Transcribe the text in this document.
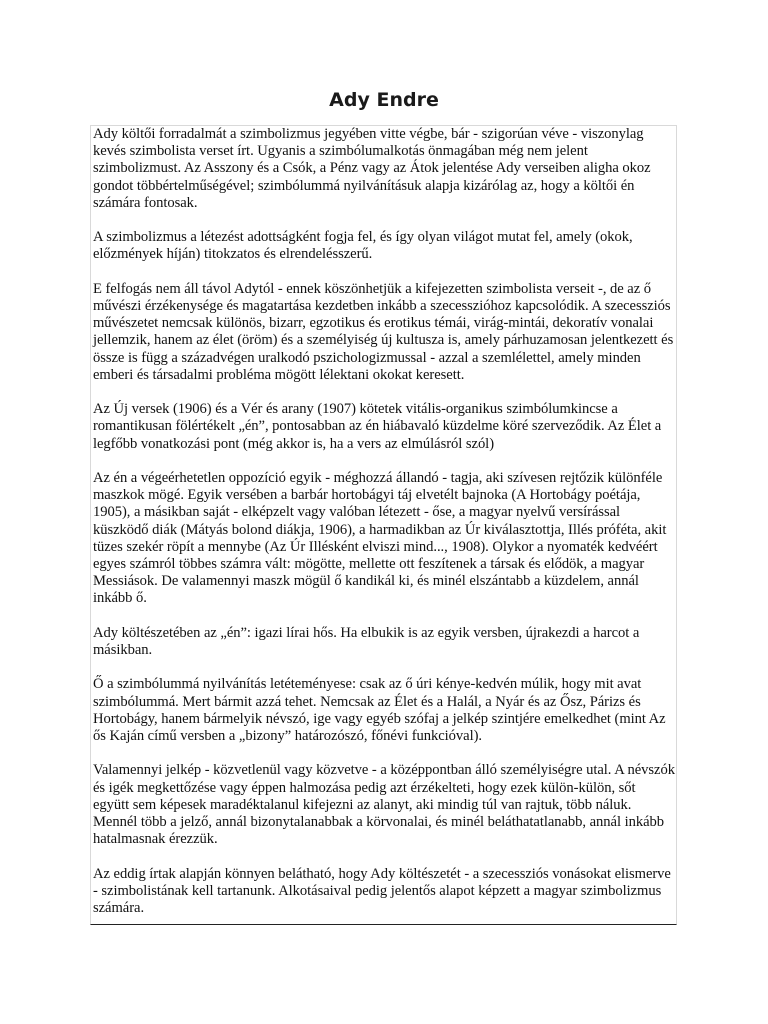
Ady Endre

Ady költői forradalmát a szimbolizmus jegyében vitte végbe, bár - szigorúan véve - viszonylag kevés szimbolista verset írt. Ugyanis a szimbólumalkotás önmagában még nem jelent szimbolizmust. Az Asszony és a Csók, a Pénz vagy az Átok jelentése Ady verseiben aligha okoz gondot többértelműségével; szimbólummá nyilvánításuk alapja kizárólag az, hogy a költői én számára fontosak.

A szimbolizmus a létezést adottságként fogja fel, és így olyan világot mutat fel, amely (okok, előzmények híján) titokzatos és elrendelésszerű.

E felfogás nem áll távol Adytól - ennek köszönhetjük a kifejezetten szimbolista verseit -, de az ő művészi érzékenysége és magatartása kezdetben inkább a szecesszióhoz kapcsolódik. A szecessziós művészetet nemcsak különös, bizarr, egzotikus és erotikus témái, virág-mintái, dekoratív vonalai jellemzik, hanem az élet (öröm) és a személyiség új kultusza is, amely párhuzamosan jelentkezett és össze is függ a századvégen uralkodó pszichologizmussal - azzal a szemlélettel, amely minden emberi és társadalmi probléma mögött lélektani okokat keresett.

Az Új versek (1906) és a Vér és arany (1907) kötetek vitális-organikus szimbólumkincse a romantikusan fölértékelt „én”, pontosabban az én hiábavaló küzdelme köré szerveződik. Az Élet a legfőbb vonatkozási pont (még akkor is, ha a vers az elmúlásról szól)

Az én a végeérhetetlen oppozíció egyik - méghozzá állandó - tagja, aki szívesen rejtőzik különféle maszkok mögé. Egyik versében a barbár hortobágyi táj elvetélt bajnoka (A Hortobágy poétája, 1905), a másikban saját - elképzelt vagy valóban létezett - őse, a magyar nyelvű versírással küszködő diák (Mátyás bolond diákja, 1906), a harmadikban az Úr kiválasztottja, Illés próféta, akit tüzes szekér röpít a mennybe (Az Úr Illésként elviszi mind..., 1908). Olykor a nyomaték kedvéért egyes számról többes számra vált: mögötte, mellette ott feszítenek a társak és elődök, a magyar Messiások. De valamennyi maszk mögül ő kandikál ki, és minél elszántabb a küzdelem, annál inkább ő.

Ady költészetében az „én”: igazi lírai hős. Ha elbukik is az egyik versben, újrakezdi a harcot a másikban.

Ő a szimbólummá nyilvánítás letéteményese: csak az ő úri kénye-kedvén múlik, hogy mit avat szimbólummá. Mert bármit azzá tehet. Nemcsak az Élet és a Halál, a Nyár és az Ősz, Párizs és Hortobágy, hanem bármelyik névszó, ige vagy egyéb szófaj a jelkép szintjére emelkedhet (mint Az ős Kaján című versben a „bizony” határozószó, főnévi funkcióval).

Valamennyi jelkép - közvetlenül vagy közvetve - a középpontban álló személyiségre utal. A névszók és igék megkettőzése vagy éppen halmozása pedig azt érzékelteti, hogy ezek külön-külön, sőt együtt sem képesek maradéktalanul kifejezni az alanyt, aki mindig túl van rajtuk, több náluk. Mennél több a jelző, annál bizonytalanabbak a körvonalai, és minél beláthatatlanabb, annál inkább hatalmasnak érezzük.

Az eddig írtak alapján könnyen belátható, hogy Ady költészetét - a szecessziós vonásokat elismerve - szimbolistának kell tartanunk. Alkotásaival pedig jelentős alapot képzett a magyar szimbolizmus számára.
